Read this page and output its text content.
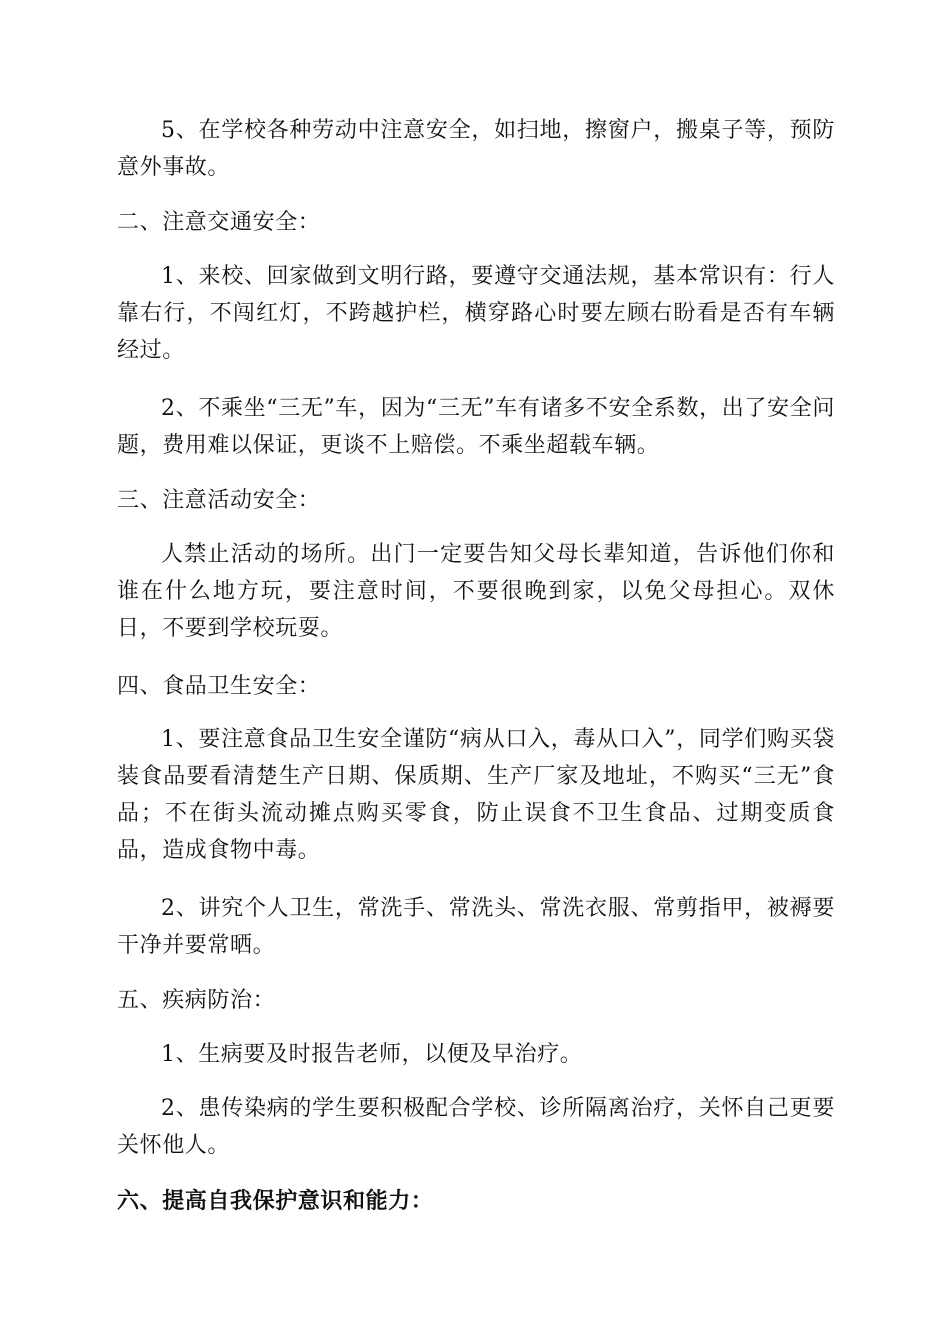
5、在学校各种劳动中注意安全，如扫地，擦窗户，搬桌子等，预防意外事故。

二、注意交通安全：

1、来校、回家做到文明行路，要遵守交通法规，基本常识有：行人靠右行，不闯红灯，不跨越护栏，横穿路心时要左顾右盼看是否有车辆经过。

2、不乘坐“三无”车，因为“三无”车有诸多不安全系数，出了安全问题，费用难以保证，更谈不上赔偿。不乘坐超载车辆。

三、注意活动安全：

人禁止活动的场所。出门一定要告知父母长辈知道，告诉他们你和谁在什么地方玩，要注意时间，不要很晚到家，以免父母担心。双休日，不要到学校玩耍。

四、食品卫生安全：

1、要注意食品卫生安全谨防“病从口入，毒从口入”，同学们购买袋装食品要看清楚生产日期、保质期、生产厂家及地址，不购买“三无”食品；不在街头流动摊点购买零食，防止误食不卫生食品、过期变质食品，造成食物中毒。

2、讲究个人卫生，常洗手、常洗头、常洗衣服、常剪指甲，被褥要干净并要常晒。

五、疾病防治：

1、生病要及时报告老师，以便及早治疗。

2、患传染病的学生要积极配合学校、诊所隔离治疗，关怀自己更要关怀他人。

六、提高自我保护意识和能力：
